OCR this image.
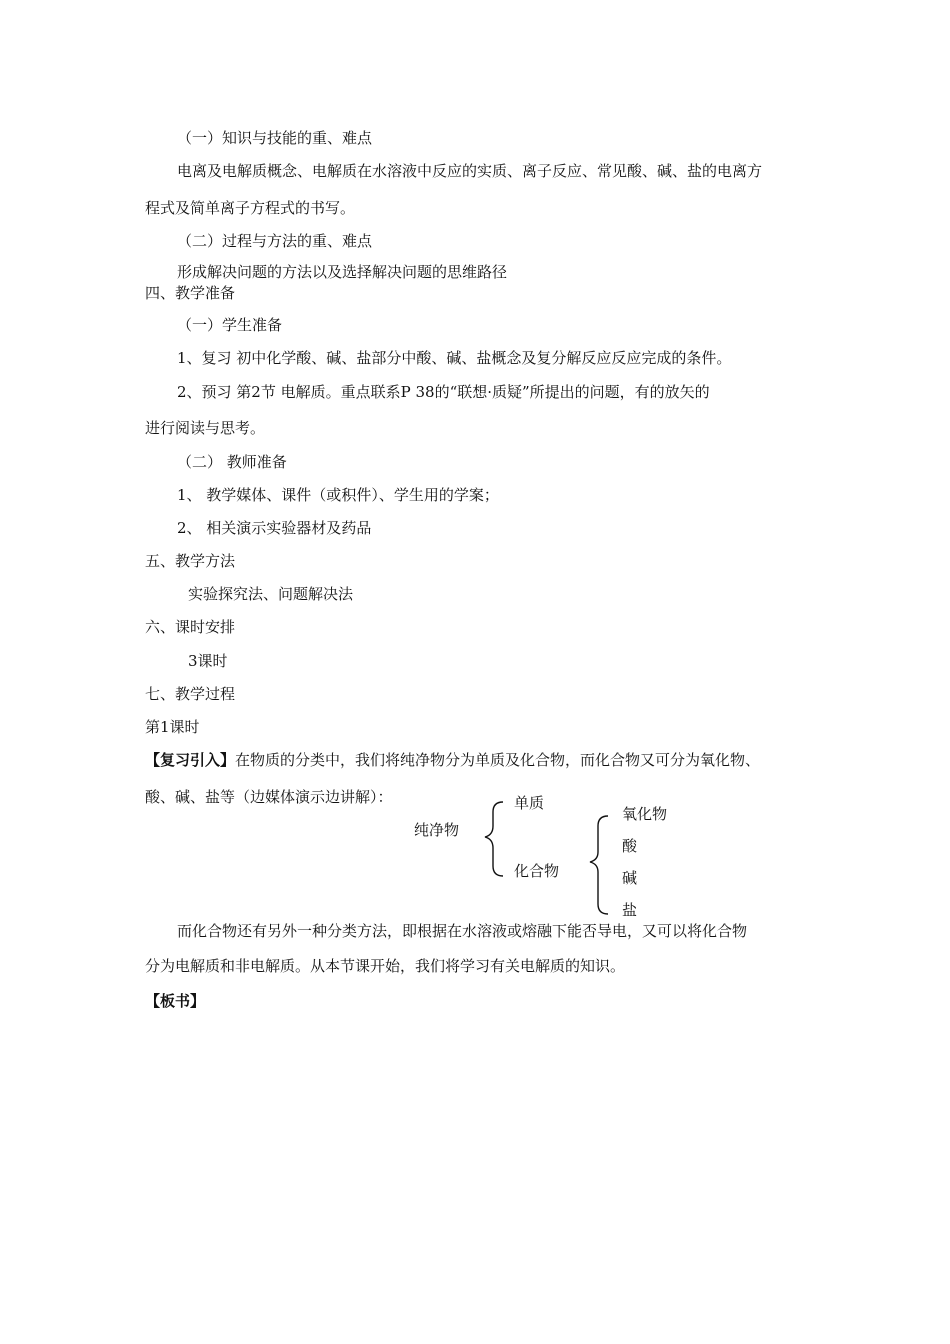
（一）知识与技能的重、难点
电离及电解质概念、电解质在水溶液中反应的实质、离子反应、常见酸、碱、盐的电离方
程式及简单离子方程式的书写。
（二）过程与方法的重、难点
形成解决问题的方法以及选择解决问题的思维路径
四、教学准备
（一）学生准备
1、复习 初中化学酸、碱、盐部分中酸、碱、盐概念及复分解反应反应完成的条件。
2、预习 第2节 电解质。重点联系P 38的“联想·质疑”所提出的问题，有的放矢的
进行阅读与思考。
（二） 教师准备
1、 教学媒体、课件（或积件）、学生用的学案；
2、 相关演示实验器材及药品
五、教学方法
实验探究法、问题解决法
六、课时安排
3课时
七、教学过程
第1课时
【复习引入】在物质的分类中，我们将纯净物分为单质及化合物，而化合物又可分为氧化物、
酸、碱、盐等（边媒体演示边讲解）：
纯净物
单质
化合物
氧化物
酸
碱
盐
而化合物还有另外一种分类方法，即根据在水溶液或熔融下能否导电，又可以将化合物
分为电解质和非电解质。从本节课开始，我们将学习有关电解质的知识。
【板书】
